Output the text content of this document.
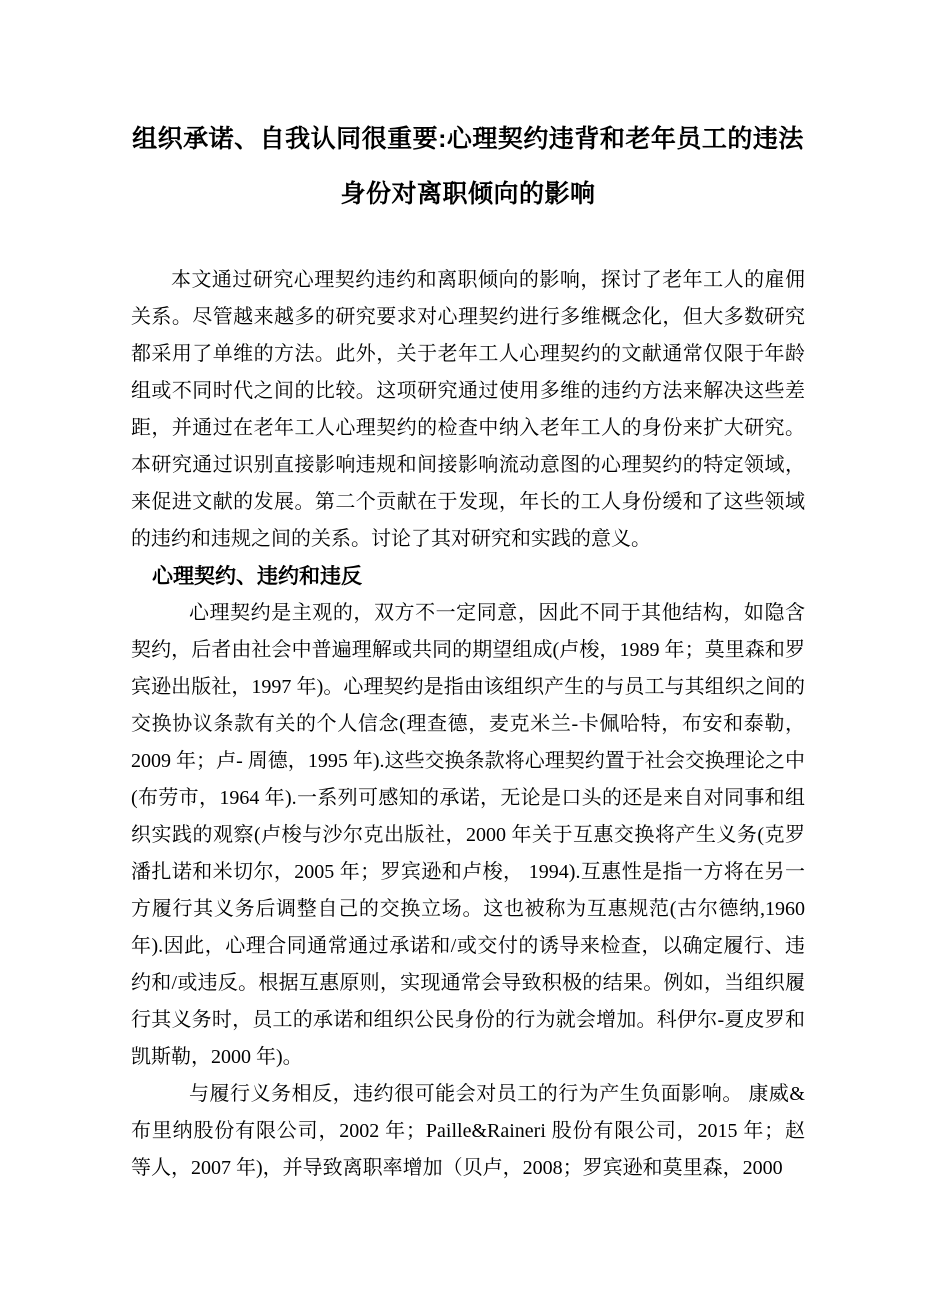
组织承诺、自我认同很重要:心理契约违背和老年员工的违法
身份对离职倾向的影响

本文通过研究心理契约违约和离职倾向的影响，探讨了老年工人的雇佣关系。尽管越来越多的研究要求对心理契约进行多维概念化，但大多数研究都采用了单维的方法。此外，关于老年工人心理契约的文献通常仅限于年龄组或不同时代之间的比较。这项研究通过使用多维的违约方法来解决这些差距，并通过在老年工人心理契约的检查中纳入老年工人的身份来扩大研究。本研究通过识别直接影响违规和间接影响流动意图的心理契约的特定领域，来促进文献的发展。第二个贡献在于发现，年长的工人身份缓和了这些领域的违约和违规之间的关系。讨论了其对研究和实践的意义。

心理契约、违约和违反

心理契约是主观的，双方不一定同意，因此不同于其他结构，如隐含契约，后者由社会中普遍理解或共同的期望组成(卢梭，1989 年；莫里森和罗宾逊出版社，1997 年)。心理契约是指由该组织产生的与员工与其组织之间的交换协议条款有关的个人信念(理查德，麦克米兰-卡佩哈特，布安和泰勒，2009 年；卢- 周德，1995 年).这些交换条款将心理契约置于社会交换理论之中(布劳市，1964 年).一系列可感知的承诺，无论是口头的还是来自对同事和组织实践的观察(卢梭与沙尔克出版社，2000 年关于互惠交换将产生义务(克罗潘扎诺和米切尔，2005 年；罗宾逊和卢梭， 1994).互惠性是指一方将在另一方履行其义务后调整自己的交换立场。这也被称为互惠规范(古尔德纳,1960 年).因此，心理合同通常通过承诺和/或交付的诱导来检查，以确定履行、违约和/或违反。根据互惠原则，实现通常会导致积极的结果。例如，当组织履行其义务时，员工的承诺和组织公民身份的行为就会增加。科伊尔-夏皮罗和凯斯勒，2000 年)。

与履行义务相反，违约很可能会对员工的行为产生负面影响。 康威&布里纳股份有限公司，2002 年；Paille&Raineri 股份有限公司，2015 年；赵等人，2007 年)，并导致离职率增加（贝卢，2008；罗宾逊和莫里森，2000
